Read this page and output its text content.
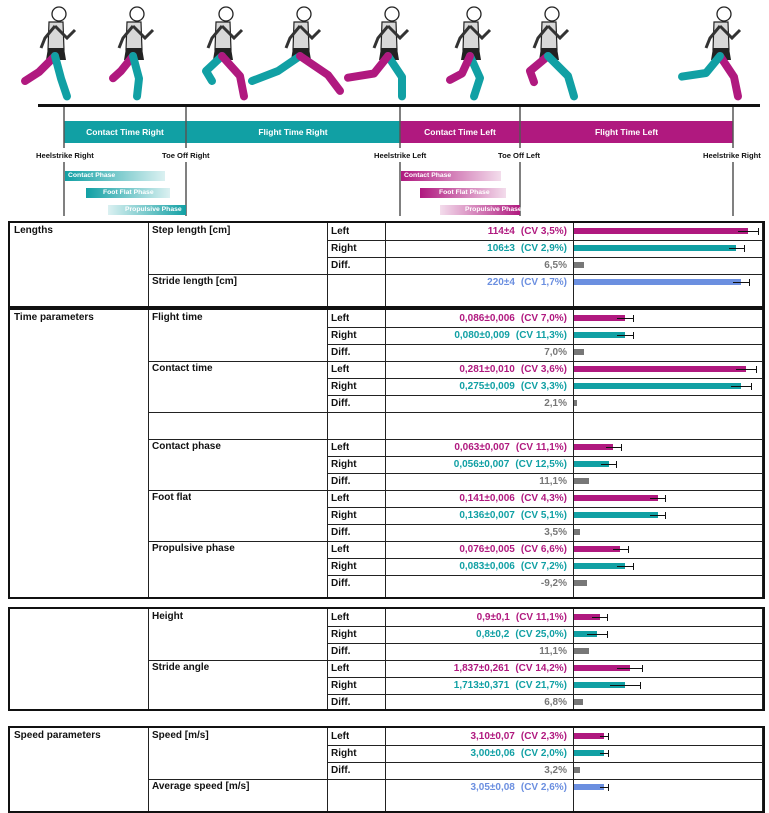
Contact Time Right	Flight Time Right	Contact Time Left	Flight Time Left
Heelstrike Right	Toe Off Right	Heelstrike Left	Toe Off Left	Heelstrike Right
Contact Phase
Foot Flat Phase
Propulsive Phase
Contact Phase
Foot Flat Phase
Propulsive Phase
Lengths	Step length [cm]	Left	114±4 (CV 3,5%)
Right	106±3 (CV 2,9%)
Diff.	6,5%
Stride length [cm]	220±4 (CV 1,7%)
Time parameters	Flight time	Left	0,086±0,006 (CV 7,0%)
Right	0,080±0,009 (CV 11,3%)
Diff.	7,0%
Contact time	Left	0,281±0,010 (CV 3,6%)
Right	0,275±0,009 (CV 3,3%)
Diff.	2,1%
Contact phase	Left	0,063±0,007 (CV 11,1%)
Right	0,056±0,007 (CV 12,5%)
Diff.	11,1%
Foot flat	Left	0,141±0,006 (CV 4,3%)
Right	0,136±0,007 (CV 5,1%)
Diff.	3,5%
Propulsive phase	Left	0,076±0,005 (CV 6,6%)
Right	0,083±0,006 (CV 7,2%)
Diff.	-9,2%
Height	Left	0,9±0,1 (CV 11,1%)
Right	0,8±0,2 (CV 25,0%)
Diff.	11,1%
Stride angle	Left	1,837±0,261 (CV 14,2%)
Right	1,713±0,371 (CV 21,7%)
Diff.	6,8%
Speed parameters	Speed [m/s]	Left	3,10±0,07 (CV 2,3%)
Right	3,00±0,06 (CV 2,0%)
Diff.	3,2%
Average speed [m/s]	3,05±0,08 (CV 2,6%)
